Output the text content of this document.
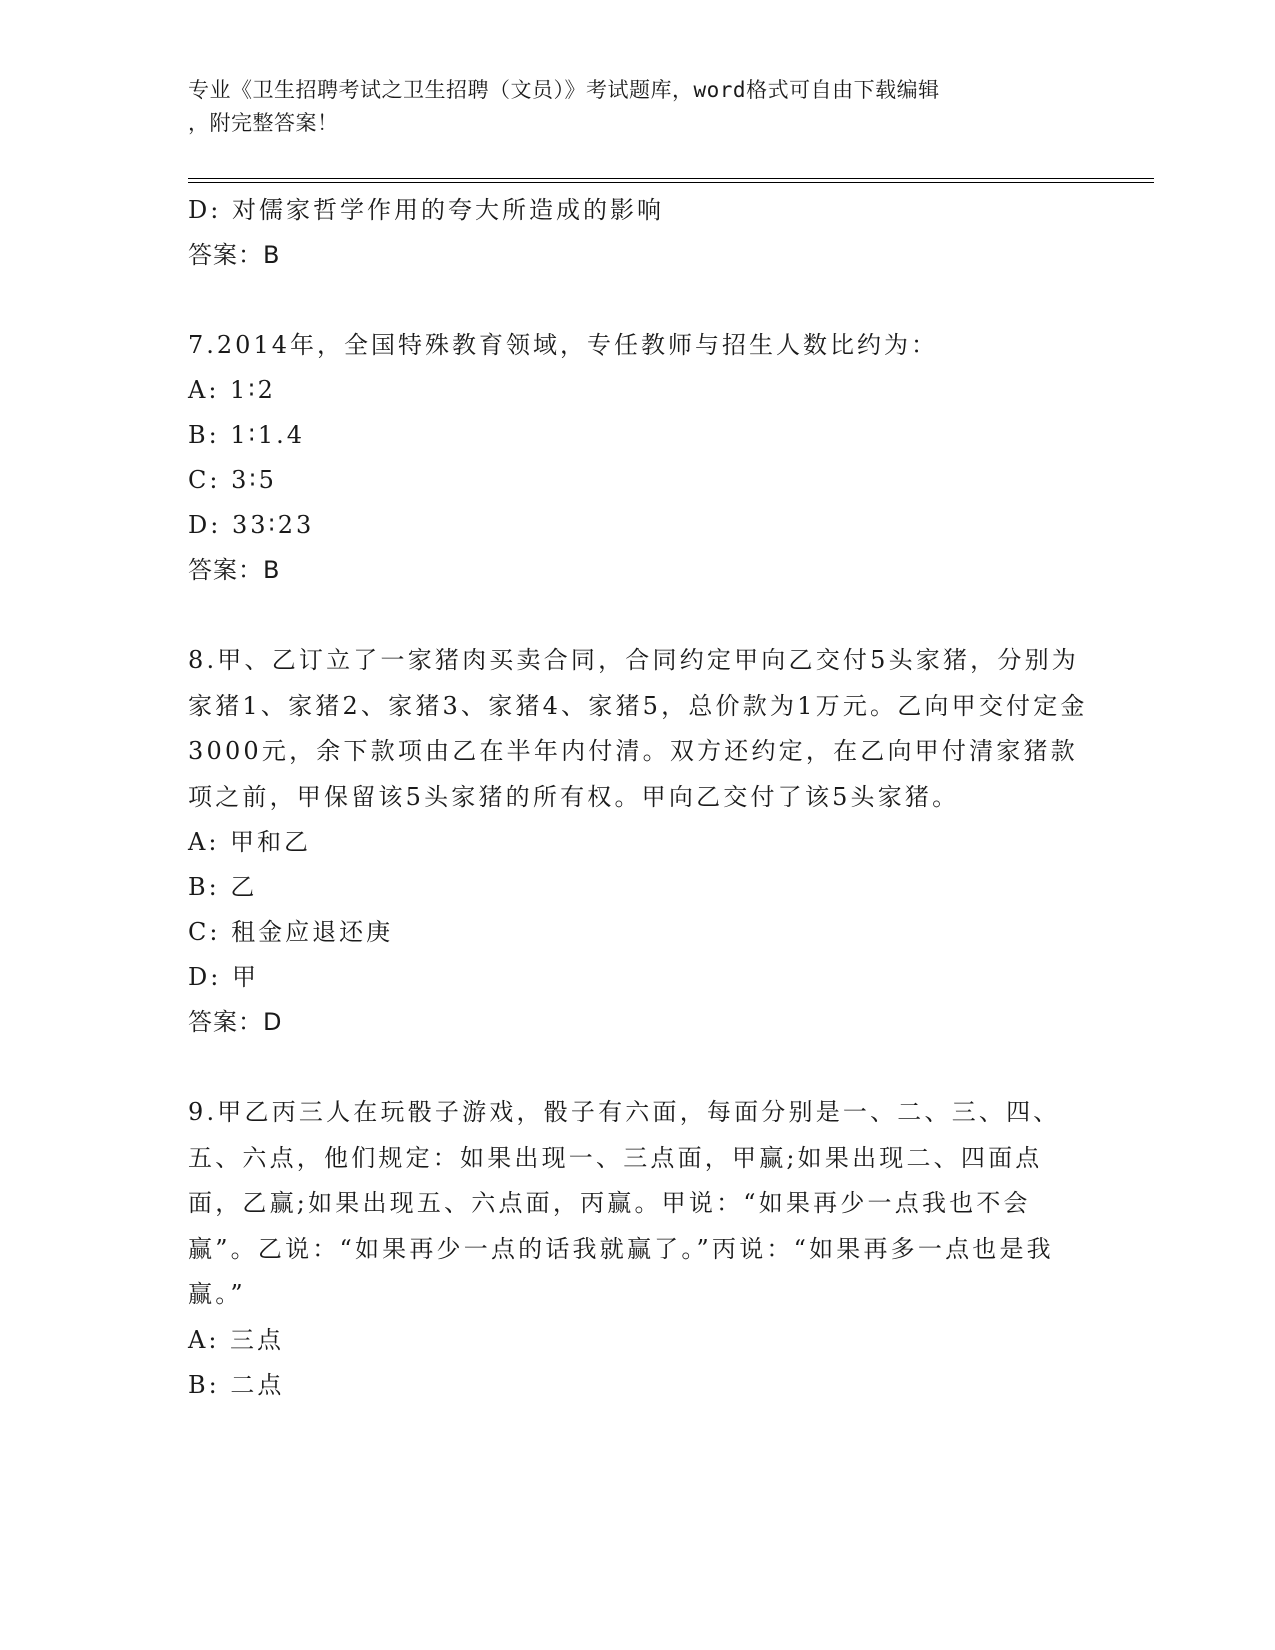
专业《卫生招聘考试之卫生招聘（文员）》考试题库，word格式可自由下载编辑
，附完整答案！
D: 对儒家哲学作用的夸大所造成的影响
答案：B
7.2014年，全国特殊教育领域，专任教师与招生人数比约为：
A: 1∶2
B: 1∶1.4
C: 3∶5
D: 33∶23
答案：B
8.甲、乙订立了一家猪肉买卖合同，合同约定甲向乙交付5头家猪，分别为家猪1、家猪2、家猪3、家猪4、家猪5，总价款为1万元。乙向甲交付定金3000元，余下款项由乙在半年内付清。双方还约定，在乙向甲付清家猪款项之前，甲保留该5头家猪的所有权。甲向乙交付了该5头家猪。
A: 甲和乙
B: 乙
C: 租金应退还庚
D: 甲
答案：D
9.甲乙丙三人在玩骰子游戏，骰子有六面，每面分别是一、二、三、四、五、六点，他们规定：如果出现一、三点面，甲赢;如果出现二、四面点面，乙赢;如果出现五、六点面，丙赢。甲说：“如果再少一点我也不会赢”。乙说：“如果再少一点的话我就赢了。”丙说：“如果再多一点也是我赢。”
A: 三点
B: 二点
